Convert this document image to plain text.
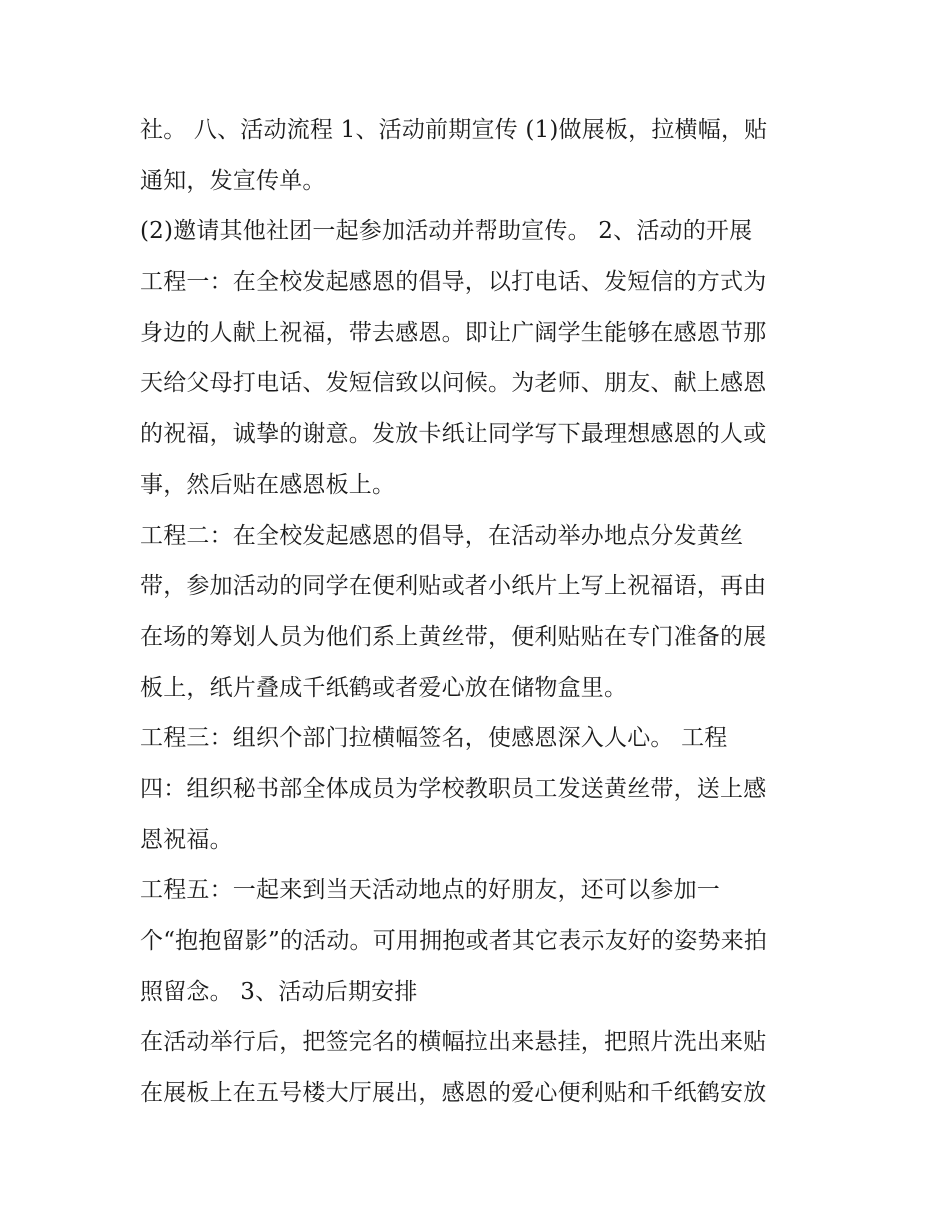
社。 八、活动流程 1、活动前期宣传 (1)做展板，拉横幅，贴
通知，发宣传单。
(2)邀请其他社团一起参加活动并帮助宣传。 2、活动的开展
工程一：在全校发起感恩的倡导，以打电话、发短信的方式为
身边的人献上祝福，带去感恩。即让广阔学生能够在感恩节那
天给父母打电话、发短信致以问候。为老师、朋友、献上感恩
的祝福，诚挚的谢意。发放卡纸让同学写下最理想感恩的人或
事，然后贴在感恩板上。
工程二：在全校发起感恩的倡导，在活动举办地点分发黄丝
带，参加活动的同学在便利贴或者小纸片上写上祝福语，再由
在场的筹划人员为他们系上黄丝带，便利贴贴在专门准备的展
板上，纸片叠成千纸鹤或者爱心放在储物盒里。
工程三：组织个部门拉横幅签名，使感恩深入人心。 工程
四：组织秘书部全体成员为学校教职员工发送黄丝带，送上感
恩祝福。
工程五：一起来到当天活动地点的好朋友，还可以参加一
个“抱抱留影”的活动。可用拥抱或者其它表示友好的姿势来拍
照留念。 3、活动后期安排
在活动举行后，把签完名的横幅拉出来悬挂，把照片洗出来贴
在展板上在五号楼大厅展出，感恩的爱心便利贴和千纸鹤安放
